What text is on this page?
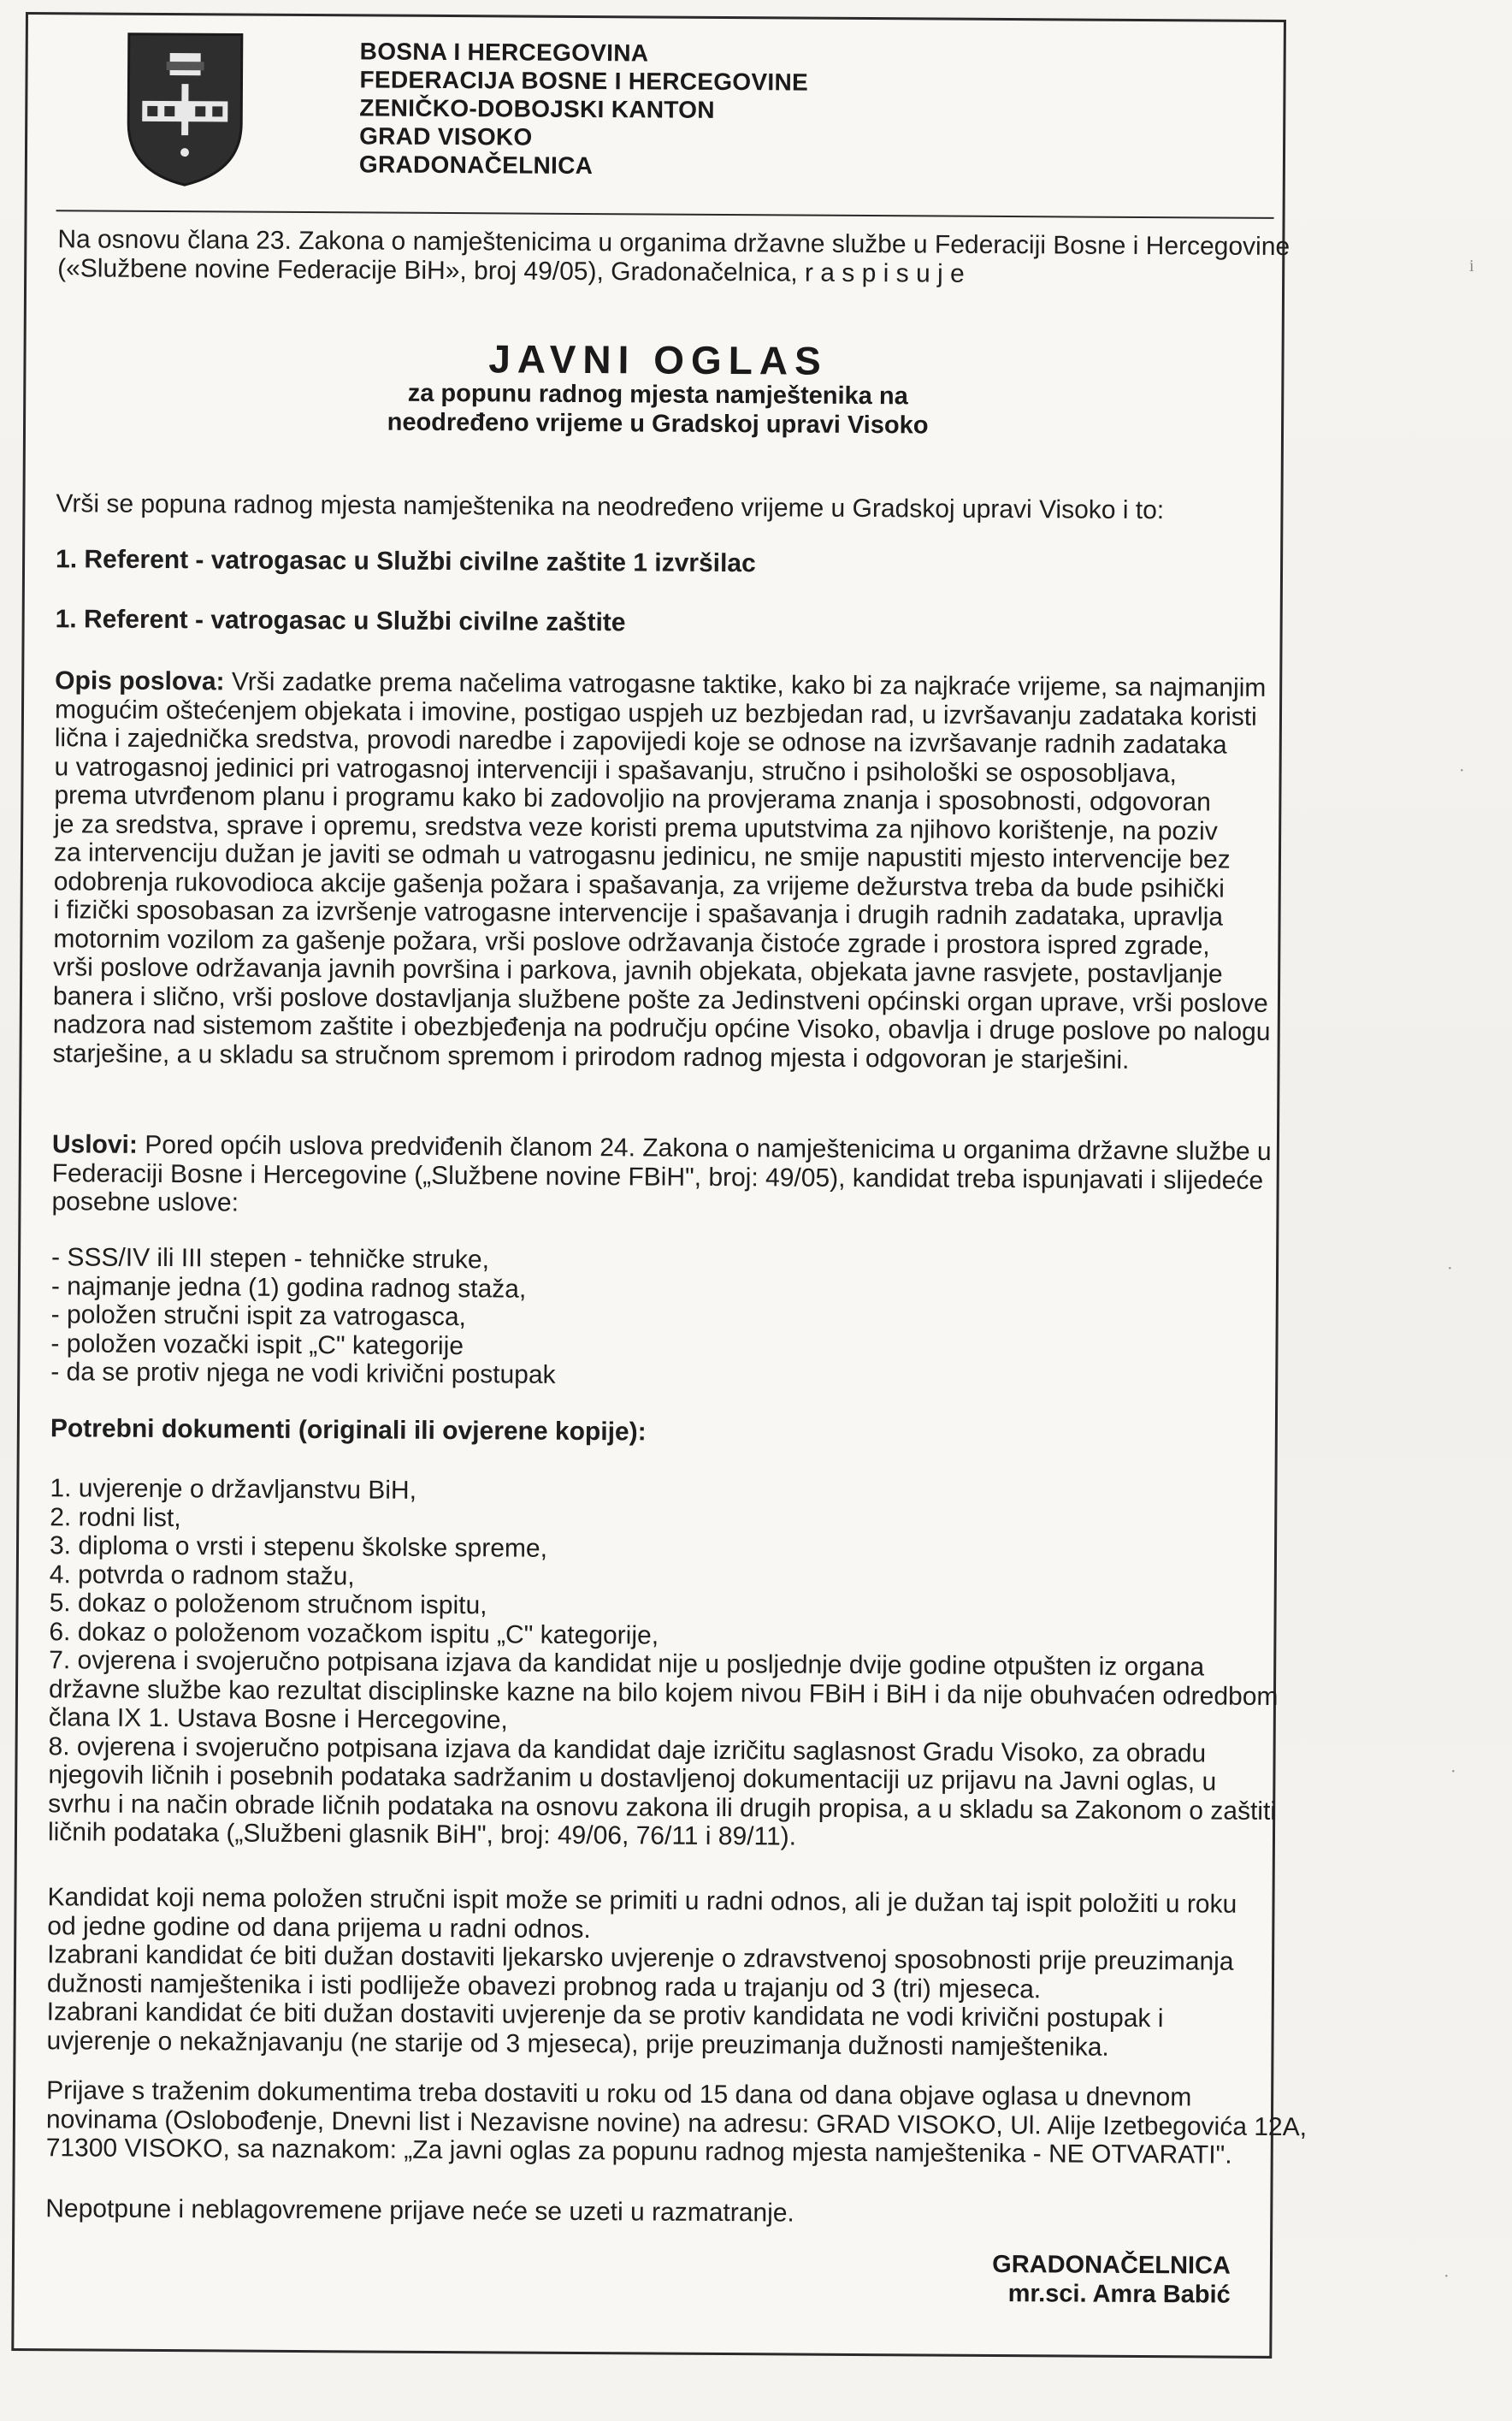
BOSNA I HERCEGOVINA
FEDERACIJA BOSNE I HERCEGOVINE
ZENIČKO-DOBOJSKI KANTON
GRAD VISOKO
GRADONAČELNICA
Na osnovu člana 23. Zakona o namještenicima u organima državne službe u Federaciji Bosne i Hercegovine
(«Službene novine Federacije BiH», broj 49/05), Gradonačelnica, r a s p i s u j e
JAVNI OGLAS
za popunu radnog mjesta namještenika na
neodređeno vrijeme u Gradskoj upravi Visoko
Vrši se popuna radnog mjesta namještenika na neodređeno vrijeme u Gradskoj upravi Visoko i to:
1. Referent - vatrogasac u Službi civilne zaštite 1 izvršilac
1. Referent - vatrogasac u Službi civilne zaštite
Opis poslova: Vrši zadatke prema načelima vatrogasne taktike, kako bi za najkraće vrijeme, sa najmanjim
mogućim oštećenjem objekata i imovine, postigao uspjeh uz bezbjedan rad, u izvršavanju zadataka koristi
lična i zajednička sredstva, provodi naredbe i zapovijedi koje se odnose na izvršavanje radnih zadataka
u vatrogasnoj jedinici pri vatrogasnoj intervenciji i spašavanju, stručno i psihološki se osposobljava,
prema utvrđenom planu i programu kako bi zadovoljio na provjerama znanja i sposobnosti, odgovoran
je za sredstva, sprave i opremu, sredstva veze koristi prema uputstvima za njihovo korištenje, na poziv
za intervenciju dužan je javiti se odmah u vatrogasnu jedinicu, ne smije napustiti mjesto intervencije bez
odobrenja rukovodioca akcije gašenja požara i spašavanja, za vrijeme dežurstva treba da bude psihički
i fizički sposobasan za izvršenje vatrogasne intervencije i spašavanja i drugih radnih zadataka, upravlja
motornim vozilom za gašenje požara, vrši poslove održavanja čistoće zgrade i prostora ispred zgrade,
vrši poslove održavanja javnih površina i parkova, javnih objekata, objekata javne rasvjete, postavljanje
banera i slično, vrši poslove dostavljanja službene pošte za Jedinstveni općinski organ uprave, vrši poslove
nadzora nad sistemom zaštite i obezbjeđenja na području općine Visoko, obavlja i druge poslove po nalogu
starješine, a u skladu sa stručnom spremom i prirodom radnog mjesta i odgovoran je starješini.
Uslovi: Pored općih uslova predviđenih članom 24. Zakona o namještenicima u organima državne službe u
Federaciji Bosne i Hercegovine („Službene novine FBiH", broj: 49/05), kandidat treba ispunjavati i slijedeće
posebne uslove:
- SSS/IV ili III stepen - tehničke struke,
- najmanje jedna (1) godina radnog staža,
- položen stručni ispit za vatrogasca,
- položen vozački ispit „C" kategorije
- da se protiv njega ne vodi krivični postupak
Potrebni dokumenti (originali ili ovjerene kopije):
1. uvjerenje o državljanstvu BiH,
2. rodni list,
3. diploma o vrsti i stepenu školske spreme,
4. potvrda o radnom stažu,
5. dokaz o položenom stručnom ispitu,
6. dokaz o položenom vozačkom ispitu „C" kategorije,
7. ovjerena i svojeručno potpisana izjava da kandidat nije u posljednje dvije godine otpušten iz organa
državne službe kao rezultat disciplinske kazne na bilo kojem nivou FBiH i BiH i da nije obuhvaćen odredbom
člana IX 1. Ustava Bosne i Hercegovine,
8. ovjerena i svojeručno potpisana izjava da kandidat daje izričitu saglasnost Gradu Visoko, za obradu
njegovih ličnih i posebnih podataka sadržanim u dostavljenoj dokumentaciji uz prijavu na Javni oglas, u
svrhu i na način obrade ličnih podataka na osnovu zakona ili drugih propisa, a u skladu sa Zakonom o zaštiti
ličnih podataka („Službeni glasnik BiH", broj: 49/06, 76/11 i 89/11).
Kandidat koji nema položen stručni ispit može se primiti u radni odnos, ali je dužan taj ispit položiti u roku
od jedne godine od dana prijema u radni odnos.
Izabrani kandidat će biti dužan dostaviti ljekarsko uvjerenje o zdravstvenoj sposobnosti prije preuzimanja
dužnosti namještenika i isti podliježe obavezi probnog rada u trajanju od 3 (tri) mjeseca.
Izabrani kandidat će biti dužan dostaviti uvjerenje da se protiv kandidata ne vodi krivični postupak i
uvjerenje o nekažnjavanju (ne starije od 3 mjeseca), prije preuzimanja dužnosti namještenika.
Prijave s traženim dokumentima treba dostaviti u roku od 15 dana od dana objave oglasa u dnevnom
novinama (Oslobođenje, Dnevni list i Nezavisne novine) na adresu: GRAD VISOKO, Ul. Alije Izetbegovića 12A,
71300 VISOKO, sa naznakom: „Za javni oglas za popunu radnog mjesta namještenika - NE OTVARATI".
Nepotpune i neblagovremene prijave neće se uzeti u razmatranje.
GRADONAČELNICA
mr.sci. Amra Babić
i
·
·
·
·
